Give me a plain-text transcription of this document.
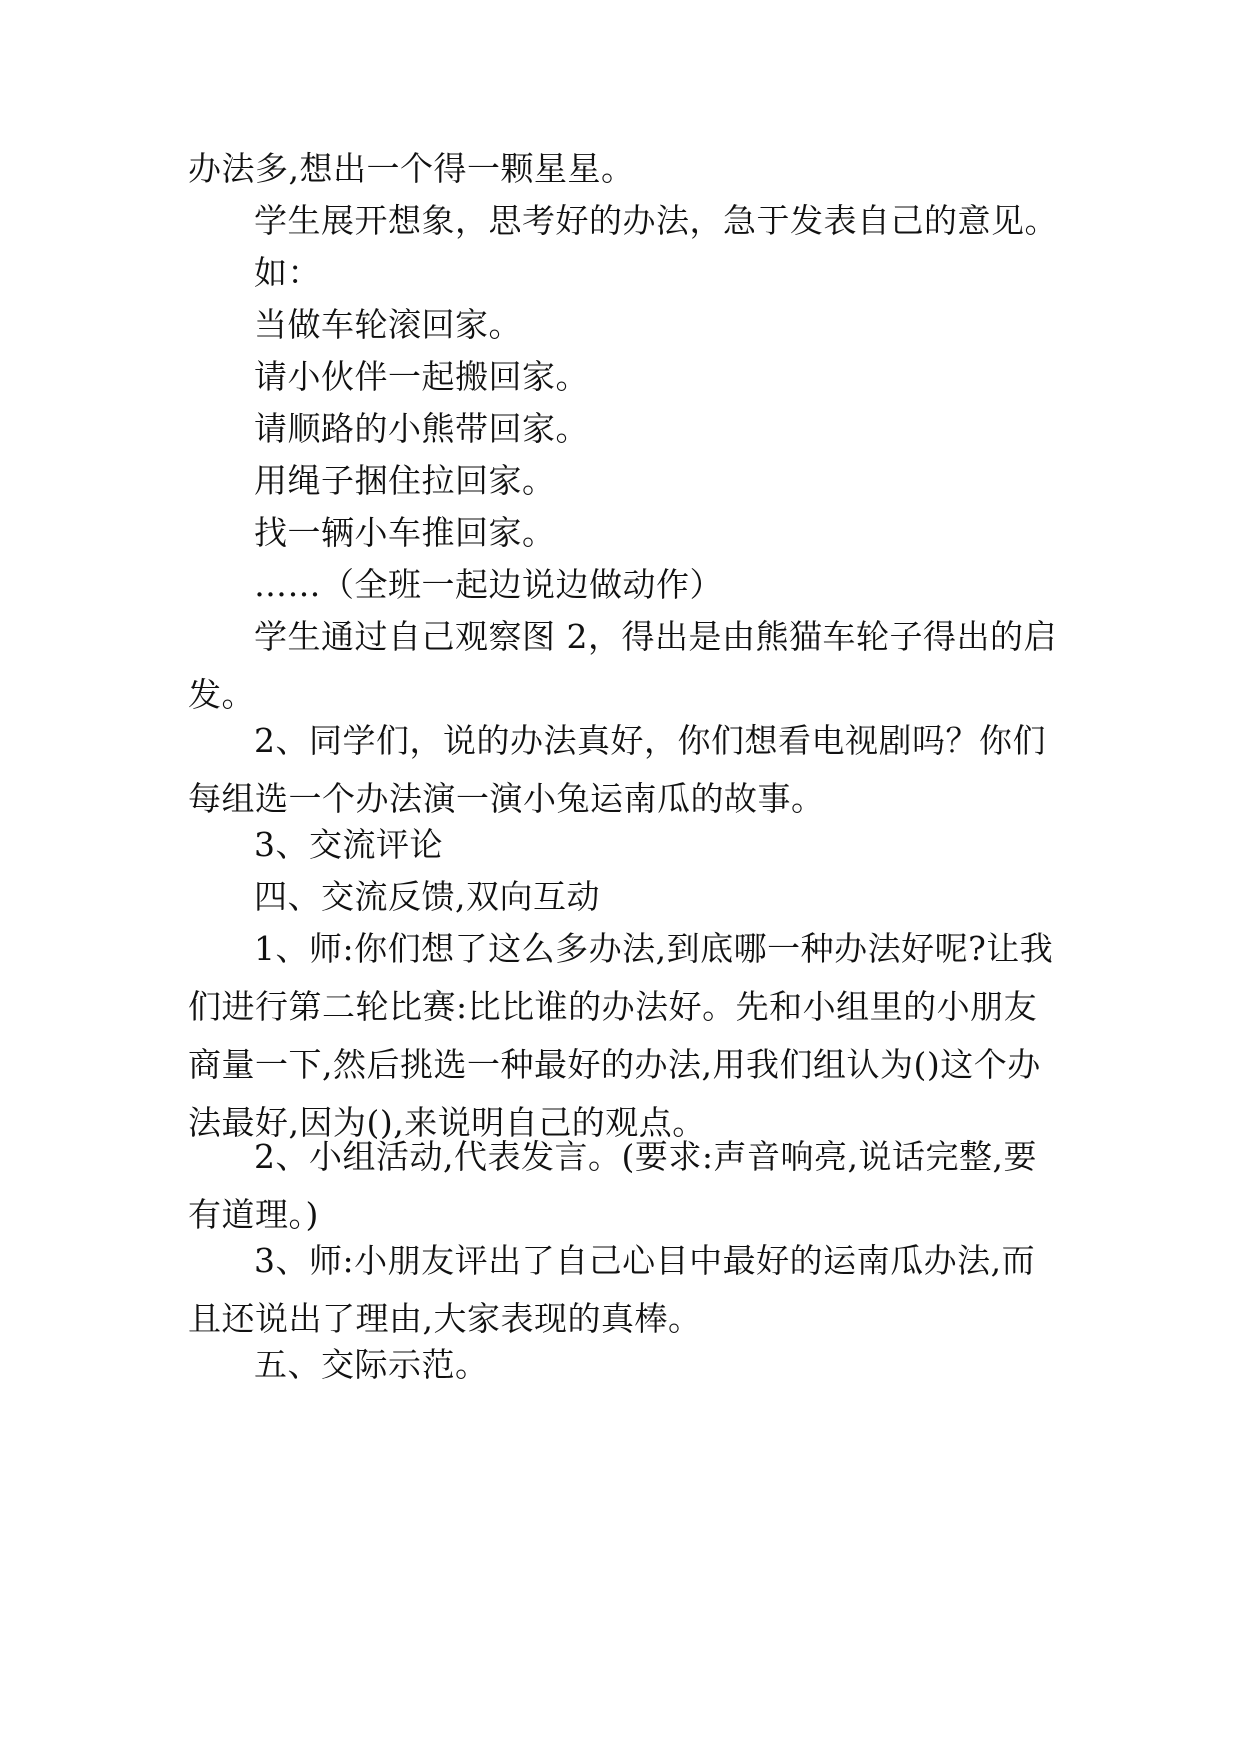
办法多,想出一个得一颗星星。

学生展开想象，思考好的办法，急于发表自己的意见。

如：

当做车轮滚回家。

请小伙伴一起搬回家。

请顺路的小熊带回家。

用绳子捆住拉回家。

找一辆小车推回家。

……（全班一起边说边做动作）

学生通过自己观察图 2，得出是由熊猫车轮子得出的启发。

2、同学们，说的办法真好，你们想看电视剧吗？你们每组选一个办法演一演小兔运南瓜的故事。

3、交流评论

四、交流反馈,双向互动

1、师:你们想了这么多办法,到底哪一种办法好呢?让我们进行第二轮比赛:比比谁的办法好。先和小组里的小朋友商量一下,然后挑选一种最好的办法,用我们组认为()这个办法最好,因为(),来说明自己的观点。

2、小组活动,代表发言。(要求:声音响亮,说话完整,要有道理。)

3、师:小朋友评出了自己心目中最好的运南瓜办法,而且还说出了理由,大家表现的真棒。

五、交际示范。
